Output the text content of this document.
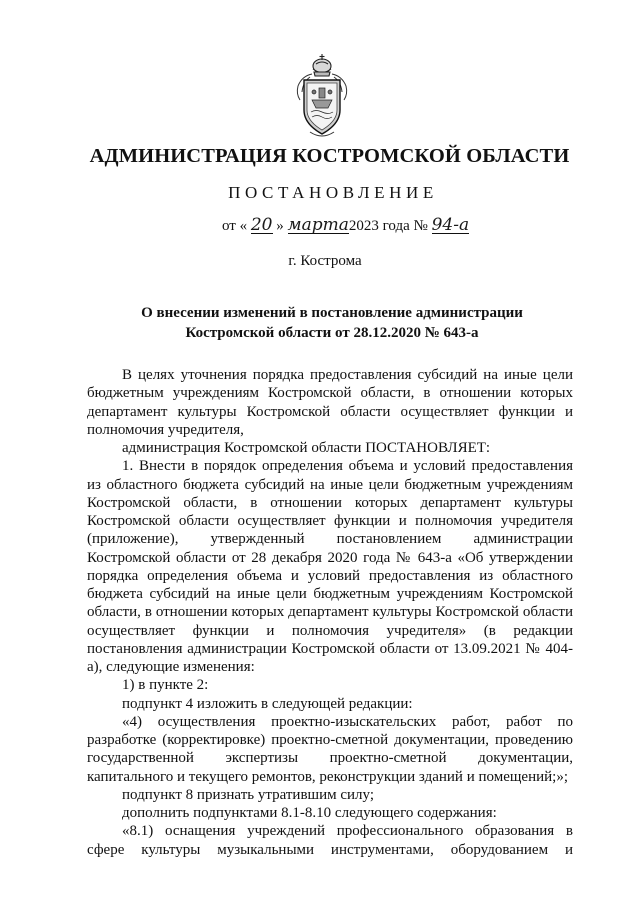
АДМИНИСТРАЦИЯ КОСТРОМСКОЙ ОБЛАСТИ
ПОСТАНОВЛЕНИЕ
от « 20 » марта2023 года № 94-а
г. Кострома
О внесении изменений в постановление администрации
Костромской области от 28.12.2020 № 643-а

В целях уточнения порядка предоставления субсидий на иные цели бюджетным учреждениям Костромской области, в отношении которых департамент культуры Костромской области осуществляет функции и полномочия учредителя,

администрация Костромской области ПОСТАНОВЛЯЕТ:

1. Внести в порядок определения объема и условий предоставления из областного бюджета субсидий на иные цели бюджетным учреждениям Костромской области, в отношении которых департамент культуры Костромской области осуществляет функции и полномочия учредителя (приложение), утвержденный постановлением администрации Костромской области от 28 декабря 2020 года № 643-а «Об утверждении порядка определения объема и условий предоставления из областного бюджета субсидий на иные цели бюджетным учреждениям Костромской области, в отношении которых департамент культуры Костромской области осуществляет функции и полномочия учредителя» (в редакции постановления администрации Костромской области от 13.09.2021 № 404-а), следующие изменения:

1) в пункте 2:

подпункт 4 изложить в следующей редакции:

«4) осуществления проектно-изыскательских работ, работ по разработке (корректировке) проектно-сметной документации, проведению государственной экспертизы проектно-сметной документации, капитального и текущего ремонтов, реконструкции зданий и помещений;»;

подпункт 8 признать утратившим силу;

дополнить подпунктами 8.1-8.10 следующего содержания:

«8.1) оснащения учреждений профессионального образования в сфере культуры музыкальными инструментами, оборудованием и
